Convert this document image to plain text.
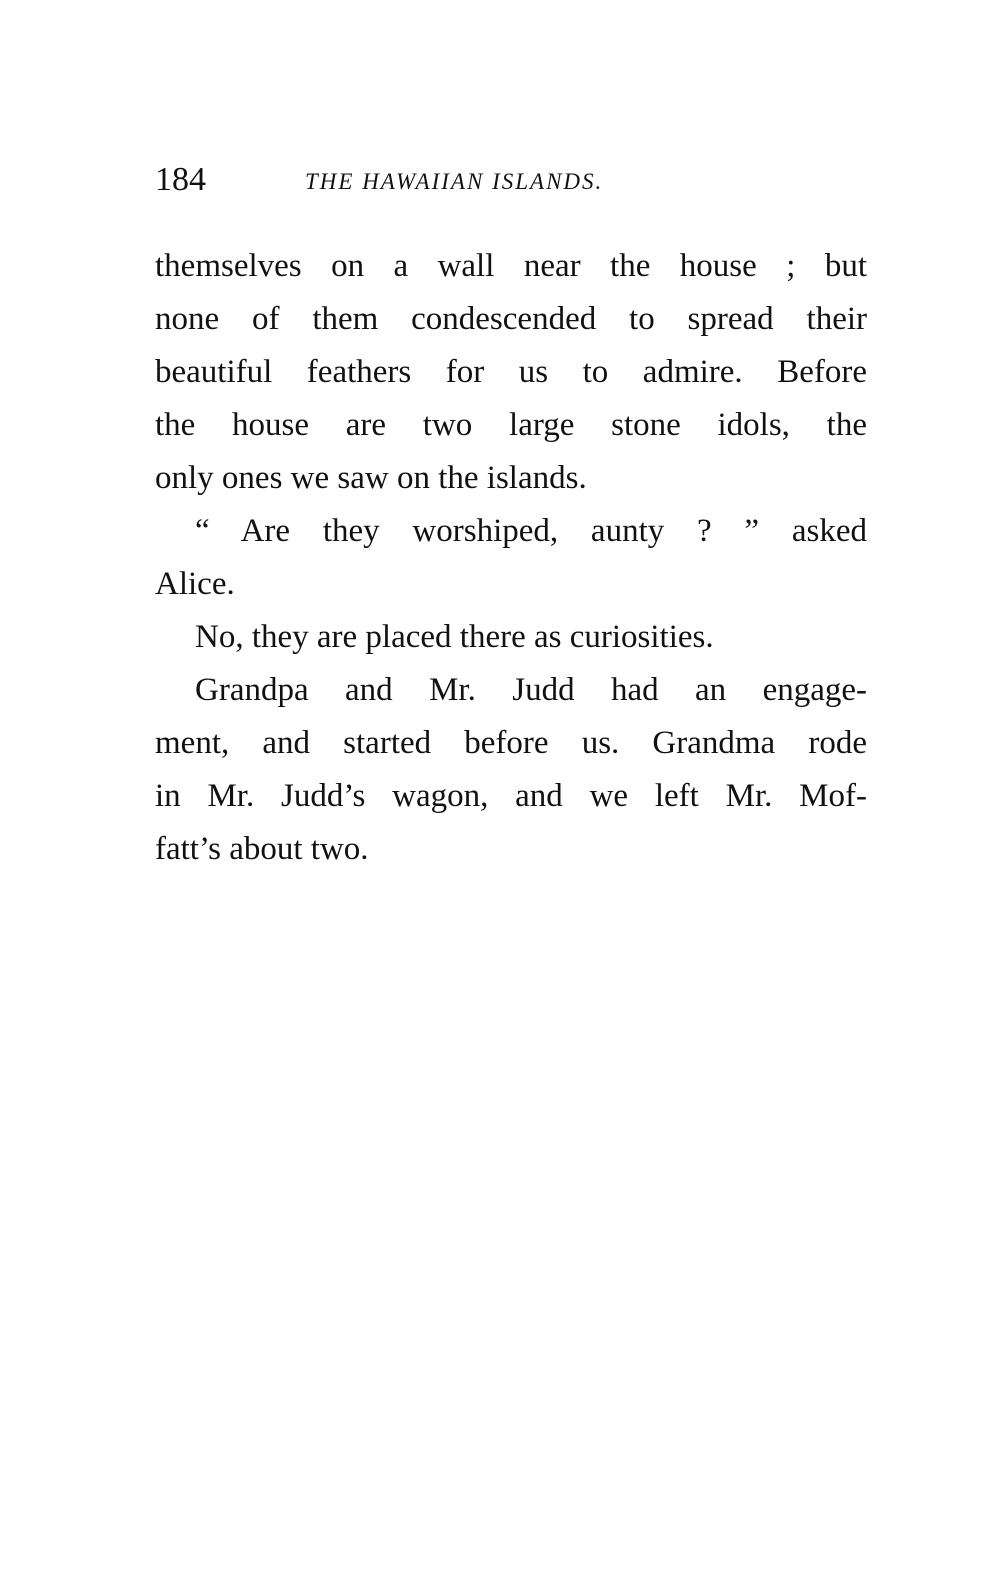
184	THE HAWAIIAN ISLANDS.
themselves on a wall near the house ; but
none of them condescended to spread their
beautiful feathers for us to admire. Before
the house are two large stone idols, the
only ones we saw on the islands.
“ Are they worshiped, aunty ? ” asked
Alice.
No, they are placed there as curiosities.
Grandpa and Mr. Judd had an engage-
ment, and started before us. Grandma rode
in Mr. Judd’s wagon, and we left Mr. Mof-
fatt’s about two.
